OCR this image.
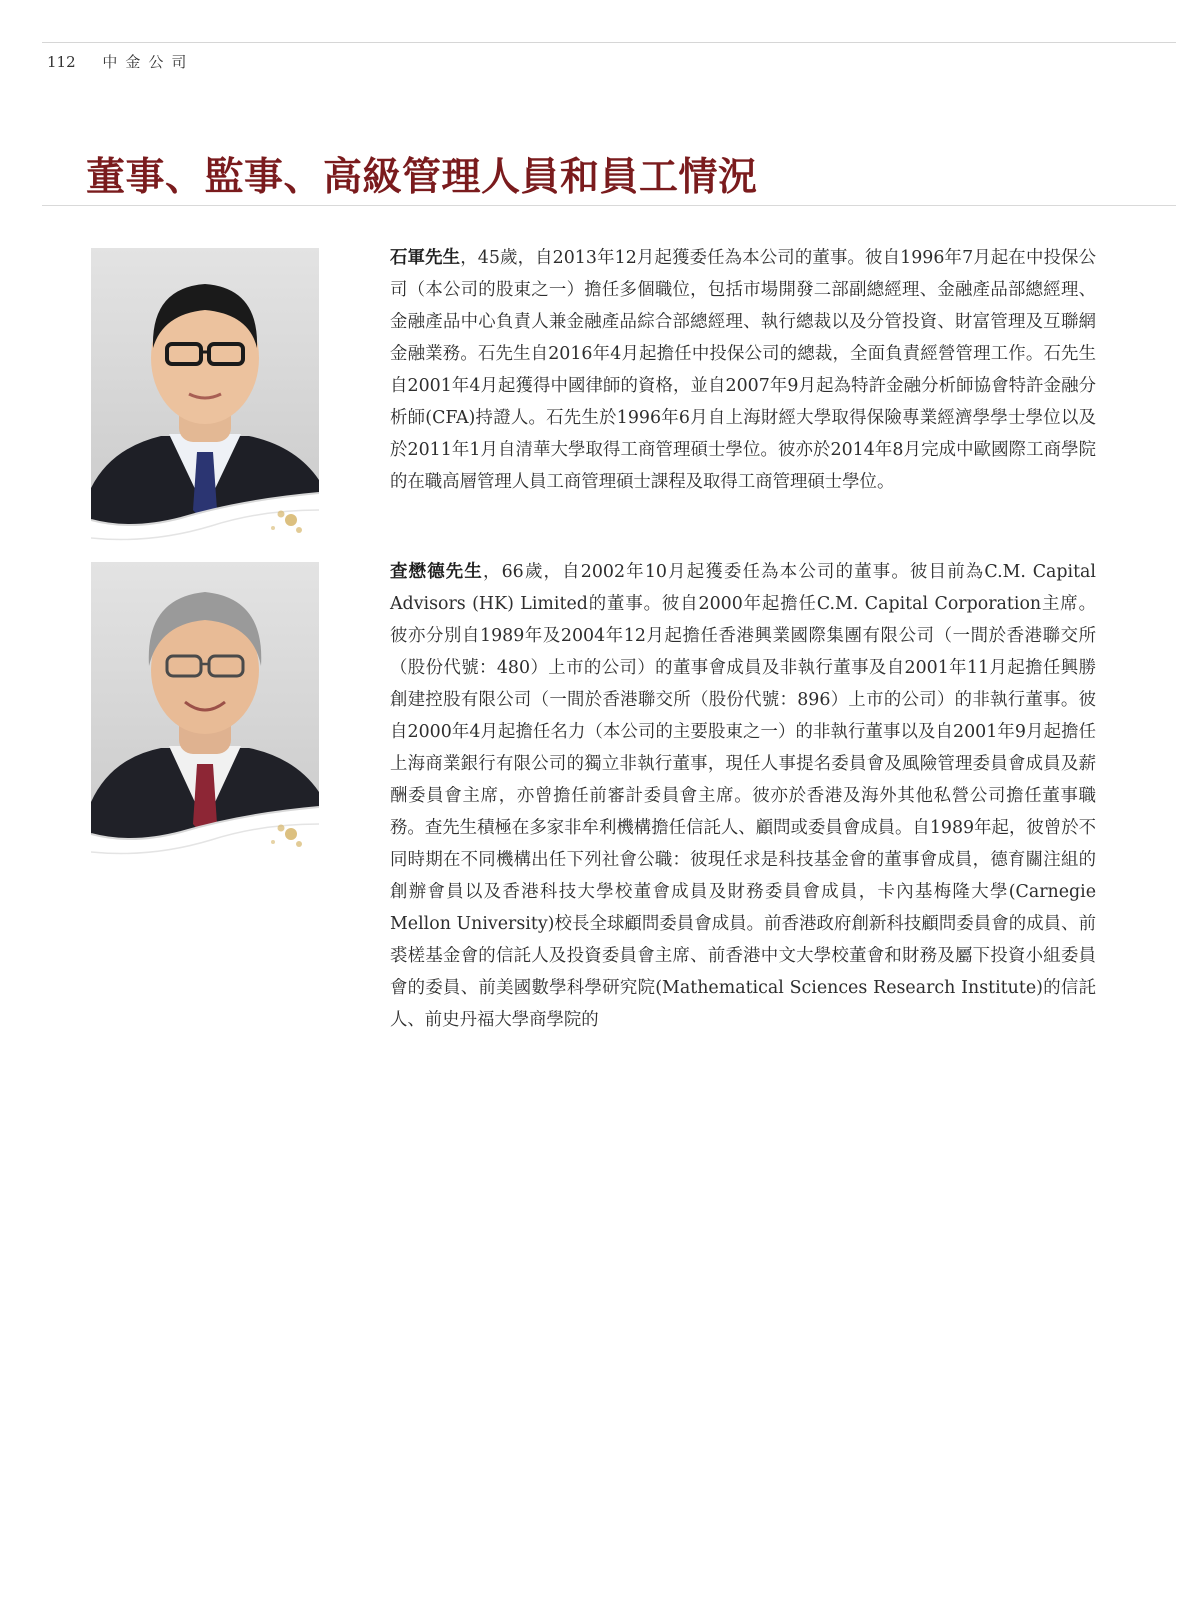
112 中金公司
董事、監事、高級管理人員和員工情況

石軍先生，45歲，自2013年12月起獲委任為本公司的董事。彼自1996年7月起在中投保公司（本公司的股東之一）擔任多個職位，包括市場開發二部副總經理、金融產品部總經理、金融產品中心負責人兼金融產品綜合部總經理、執行總裁以及分管投資、財富管理及互聯網金融業務。石先生自2016年4月起擔任中投保公司的總裁，全面負責經營管理工作。石先生自2001年4月起獲得中國律師的資格，並自2007年9月起為特許金融分析師協會特許金融分析師(CFA)持證人。石先生於1996年6月自上海財經大學取得保險專業經濟學學士學位以及於2011年1月自清華大學取得工商管理碩士學位。彼亦於2014年8月完成中歐國際工商學院的在職高層管理人員工商管理碩士課程及取得工商管理碩士學位。

查懋德先生，66歲，自2002年10月起獲委任為本公司的董事。彼目前為C.M. Capital Advisors (HK) Limited的董事。彼自2000年起擔任C.M. Capital Corporation主席。彼亦分別自1989年及2004年12月起擔任香港興業國際集團有限公司（一間於香港聯交所（股份代號：480）上市的公司）的董事會成員及非執行董事及自2001年11月起擔任興勝創建控股有限公司（一間於香港聯交所（股份代號：896）上市的公司）的非執行董事。彼自2000年4月起擔任名力（本公司的主要股東之一）的非執行董事以及自2001年9月起擔任上海商業銀行有限公司的獨立非執行董事，現任人事提名委員會及風險管理委員會成員及薪酬委員會主席，亦曾擔任前審計委員會主席。彼亦於香港及海外其他私營公司擔任董事職務。查先生積極在多家非牟利機構擔任信託人、顧問或委員會成員。自1989年起，彼曾於不同時期在不同機構出任下列社會公職：彼現任求是科技基金會的董事會成員，德育關注組的創辦會員以及香港科技大學校董會成員及財務委員會成員，卡內基梅隆大學(Carnegie Mellon University)校長全球顧問委員會成員。前香港政府創新科技顧問委員會的成員、前裘槎基金會的信託人及投資委員會主席、前香港中文大學校董會和財務及屬下投資小組委員會的委員、前美國數學科學研究院(Mathematical Sciences Research Institute)的信託人、前史丹福大學商學院的
